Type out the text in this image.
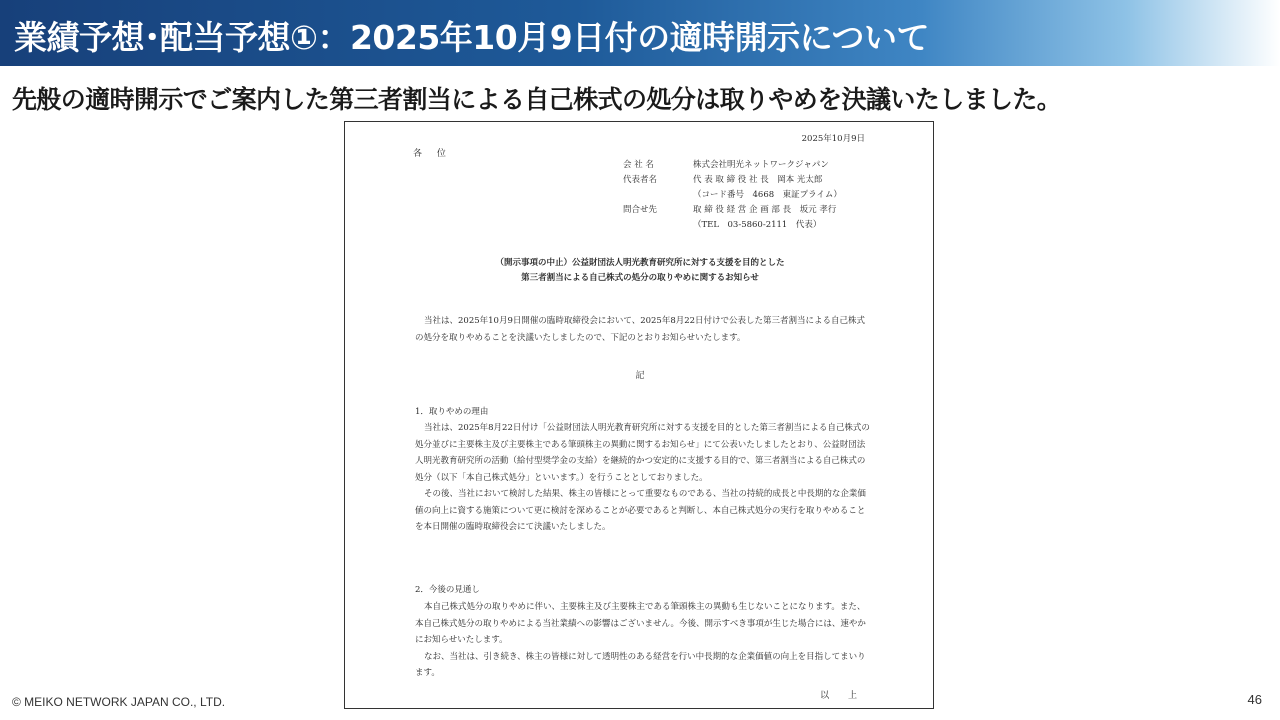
業績予想･配当予想①：2025年10月9日付の適時開示について
先般の適時開示でご案内した第三者割当による自己株式の処分は取りやめを決議いたしました。
2025年10月9日
各 位
会 社 名	株式会社明光ネットワークジャパン
代表者名	代 表 取 締 役 社 長　岡本 光太郎
（コード番号　4668　東証プライム）
問合せ先	取 締 役 経 営 企 画 部 長　坂元 孝行
（TEL　03-5860-2111　代表）
（開示事項の中止）公益財団法人明光教育研究所に対する支援を目的とした
第三者割当による自己株式の処分の取りやめに関するお知らせ

当社は、2025年10月9日開催の臨時取締役会において、2025年8月22日付けで公表した第三者割当による自己株式の処分を取りやめることを決議いたしましたので、下記のとおりお知らせいたします。

記
1．取りやめの理由

当社は、2025年8月22日付け「公益財団法人明光教育研究所に対する支援を目的とした第三者割当による自己株式の処分並びに主要株主及び主要株主である筆頭株主の異動に関するお知らせ」にて公表いたしましたとおり、公益財団法人明光教育研究所の活動（給付型奨学金の支給）を継続的かつ安定的に支援する目的で、第三者割当による自己株式の処分（以下「本自己株式処分」といいます。）を行うこととしておりました。

その後、当社において検討した結果、株主の皆様にとって重要なものである、当社の持続的成長と中長期的な企業価値の向上に資する施策について更に検討を深めることが必要であると判断し、本自己株式処分の実行を取りやめることを本日開催の臨時取締役会にて決議いたしました。

2．今後の見通し

本自己株式処分の取りやめに伴い、主要株主及び主要株主である筆頭株主の異動も生じないことになります。また、本自己株式処分の取りやめによる当社業績への影響はございません。今後、開示すべき事項が生じた場合には、速やかにお知らせいたします。

なお、当社は、引き続き、株主の皆様に対して透明性のある経営を行い中長期的な企業価値の向上を目指してまいります。

以 上
© MEIKO NETWORK JAPAN CO., LTD.	46
